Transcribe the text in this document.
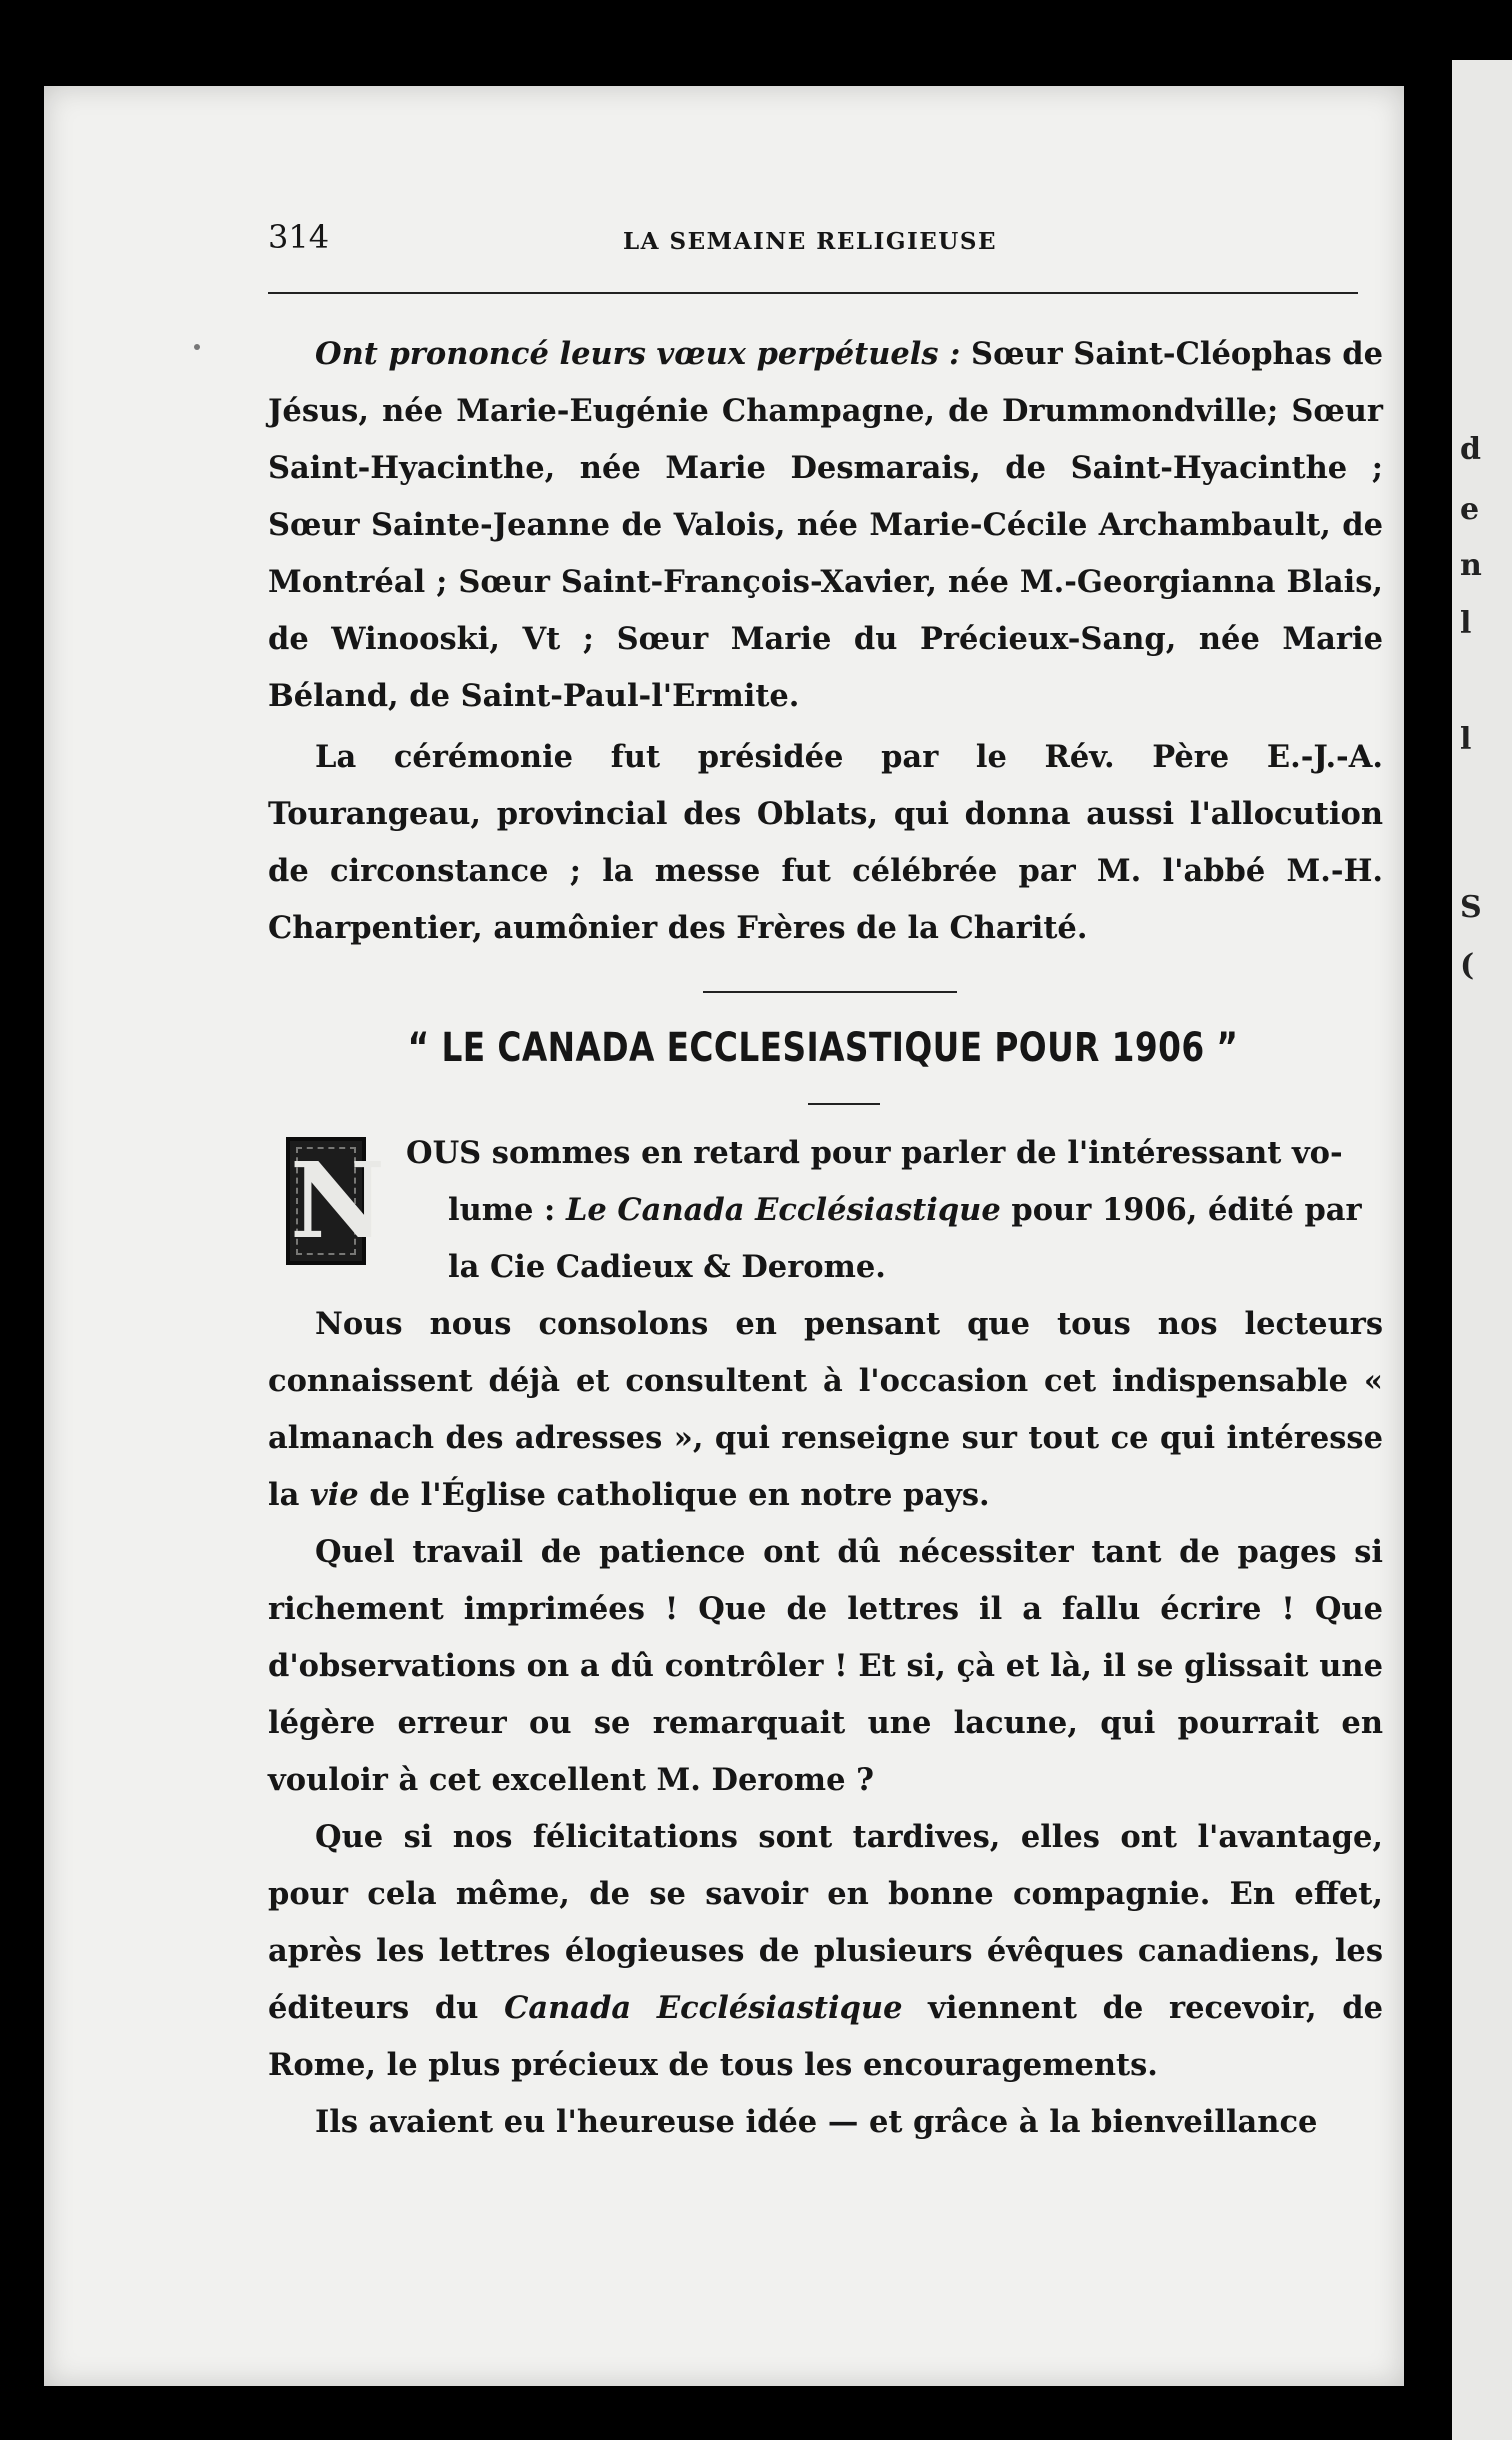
d
e
n
l
l
S
(
314	LA SEMAINE RELIGIEUSE

Ont prononcé leurs vœux perpétuels : Sœur Saint-Cléophas de Jésus, née Marie-Eugénie Champagne, de Drummondville; Sœur Saint-Hyacinthe, née Marie Desmarais, de Saint-Hyacinthe ; Sœur Sainte-Jeanne de Valois, née Marie-Cécile Archambault, de Montréal ; Sœur Saint-François-Xavier, née M.-Georgianna Blais, de Winooski, Vt ; Sœur Marie du Précieux-Sang, née Marie Béland, de Saint-Paul-l'Ermite.

La cérémonie fut présidée par le Rév. Père E.-J.-A. Tourangeau, provincial des Oblats, qui donna aussi l'allocution de circonstance ; la messe fut célébrée par M. l'abbé M.-H. Charpentier, aumônier des Frères de la Charité.

“ LE CANADA ECCLESIASTIQUE POUR 1906 ”
N OUS sommes en retard pour parler de l'intéressant vo-

lume : Le Canada Ecclésiastique pour 1906, édité par

la Cie Cadieux & Derome.

Nous nous consolons en pensant que tous nos lecteurs connaissent déjà et consultent à l'occasion cet indispensable « almanach des adresses », qui renseigne sur tout ce qui intéresse la vie de l'Église catholique en notre pays.

Quel travail de patience ont dû nécessiter tant de pages si richement imprimées ! Que de lettres il a fallu écrire ! Que d'observations on a dû contrôler ! Et si, çà et là, il se glissait une légère erreur ou se remarquait une lacune, qui pourrait en vouloir à cet excellent M. Derome ?

Que si nos félicitations sont tardives, elles ont l'avantage, pour cela même, de se savoir en bonne compagnie. En effet, après les lettres élogieuses de plusieurs évêques canadiens, les éditeurs du Canada Ecclésiastique viennent de recevoir, de Rome, le plus précieux de tous les encouragements.

Ils avaient eu l'heureuse idée — et grâce à la bienveillance
